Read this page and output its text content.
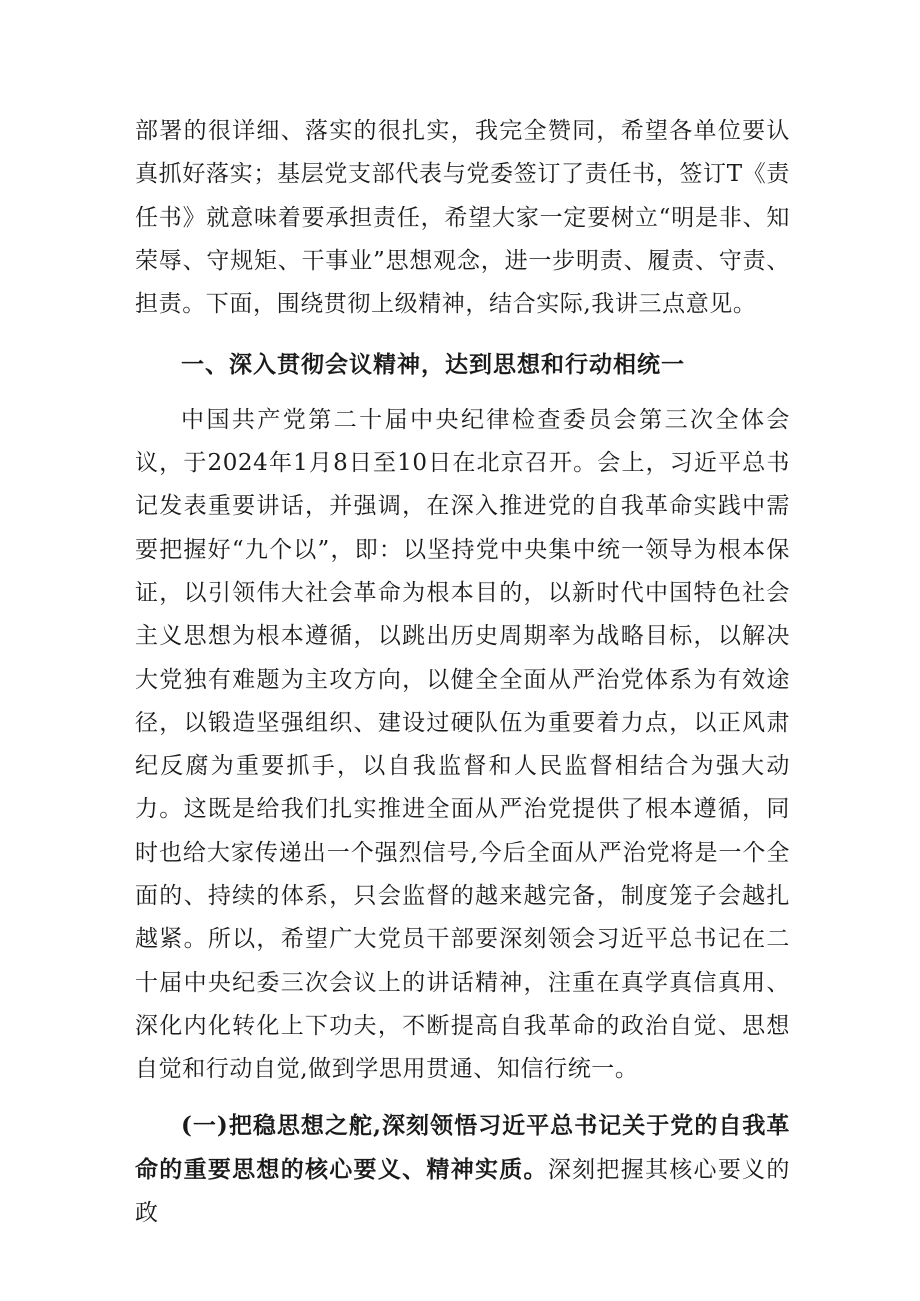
部署的很详细、落实的很扎实，我完全赞同，希望各单位要认真抓好落实；基层党支部代表与党委签订了责任书，签订T《责任书》就意味着要承担责任，希望大家一定要树立“明是非、知荣辱、守规矩、干事业”思想观念，进一步明责、履责、守责、担责。下面，围绕贯彻上级精神，结合实际,我讲三点意见。

一、深入贯彻会议精神，达到思想和行动相统一

中国共产党第二十届中央纪律检查委员会第三次全体会议，于2024年1月8日至10日在北京召开。会上，习近平总书记发表重要讲话，并强调，在深入推进党的自我革命实践中需要把握好“九个以”，即：以坚持党中央集中统一领导为根本保证，以引领伟大社会革命为根本目的，以新时代中国特色社会主义思想为根本遵循，以跳出历史周期率为战略目标，以解决大党独有难题为主攻方向，以健全全面从严治党体系为有效途径，以锻造坚强组织、建设过硬队伍为重要着力点，以正风肃纪反腐为重要抓手，以自我监督和人民监督相结合为强大动力。这既是给我们扎实推进全面从严治党提供了根本遵循，同时也给大家传递出一个强烈信号,今后全面从严治党将是一个全面的、持续的体系，只会监督的越来越完备，制度笼子会越扎越紧。所以，希望广大党员干部要深刻领会习近平总书记在二十届中央纪委三次会议上的讲话精神，注重在真学真信真用、深化内化转化上下功夫，不断提高自我革命的政治自觉、思想自觉和行动自觉,做到学思用贯通、知信行统一。

(一)把稳思想之舵,深刻领悟习近平总书记关于党的自我革命的重要思想的核心要义、精神实质。深刻把握其核心要义的政
